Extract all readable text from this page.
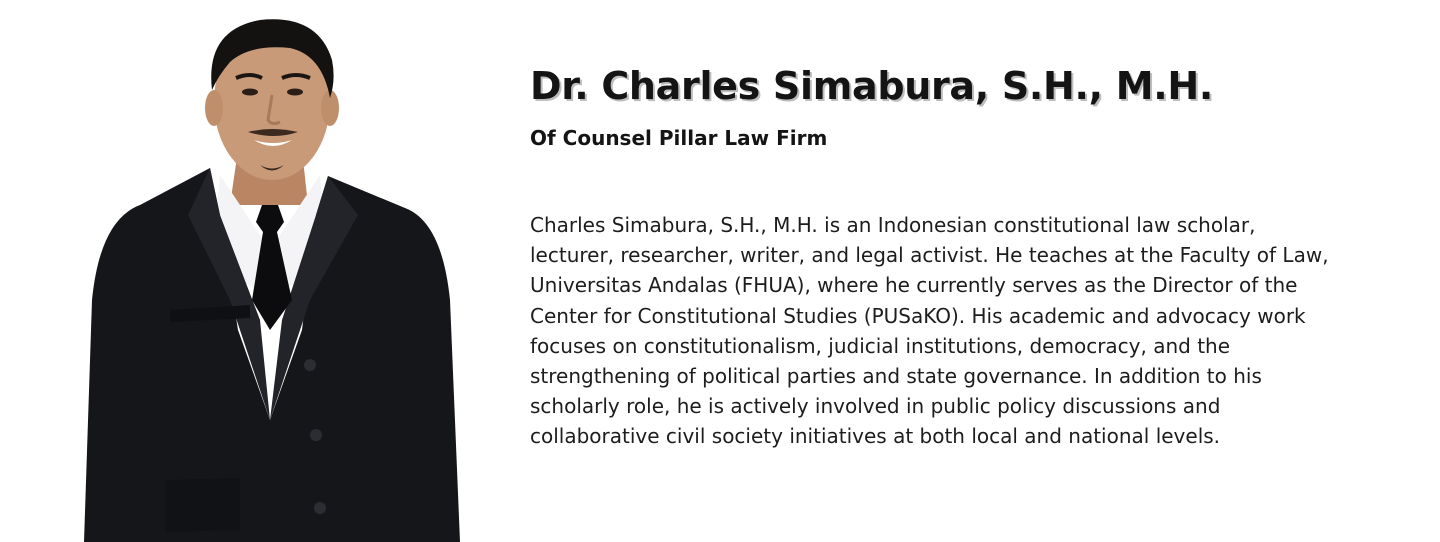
Dr. Charles Simabura, S.H., M.H.
Of Counsel Pillar Law Firm

Charles Simabura, S.H., M.H. is an Indonesian constitutional law scholar, lecturer, researcher, writer, and legal activist. He teaches at the Faculty of Law, Universitas Andalas (FHUA), where he currently serves as the Director of the Center for Constitutional Studies (PUSaKO). His academic and advocacy work focuses on constitutionalism, judicial institutions, democracy, and the strengthening of political parties and state governance. In addition to his scholarly role, he is actively involved in public policy discussions and collaborative civil society initiatives at both local and national levels.
